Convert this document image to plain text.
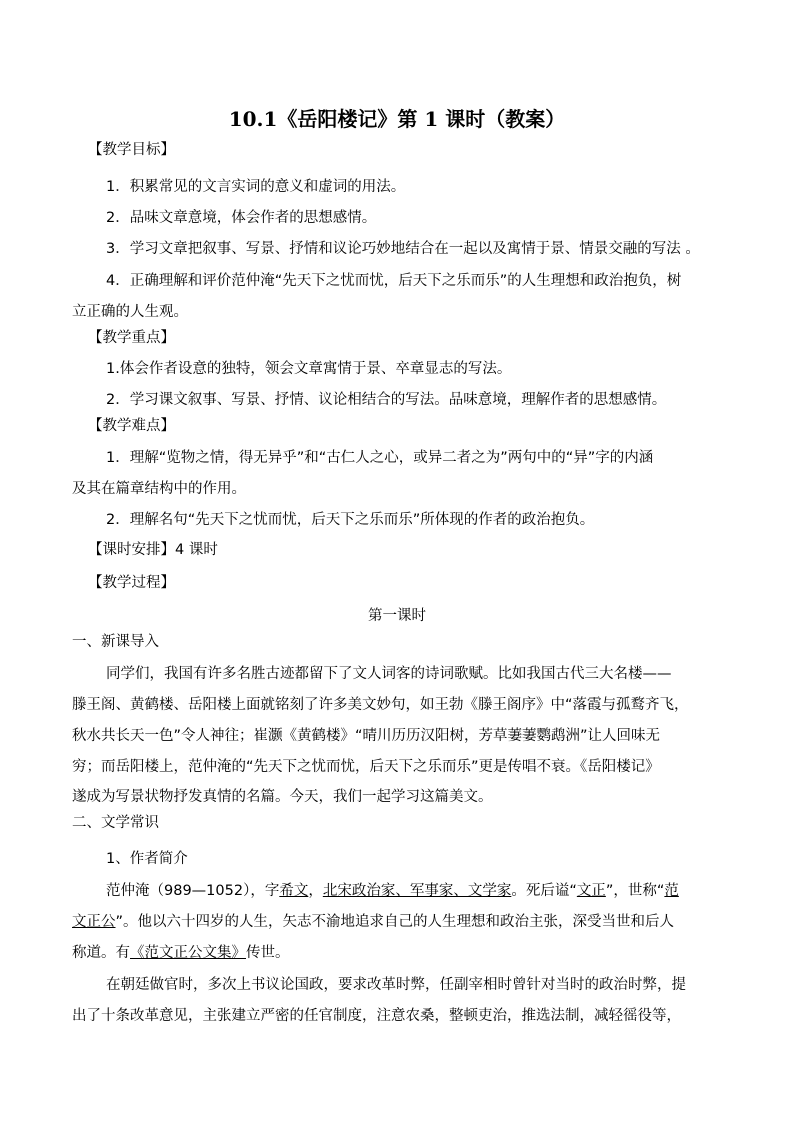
10.1《岳阳楼记》第 1 课时（教案）
【教学目标】
1．积累常见的文言实词的意义和虚词的用法。
2．品味文章意境，体会作者的思想感情。
3．学习文章把叙事、写景、抒情和议论巧妙地结合在一起以及寓情于景、情景交融的写法 。
4．正确理解和评价范仲淹“先天下之忧而忧，后天下之乐而乐”的人生理想和政治抱负，树
立正确的人生观。
【教学重点】
1.体会作者设意的独特，领会文章寓情于景、卒章显志的写法。
2．学习课文叙事、写景、抒情、议论相结合的写法。品味意境，理解作者的思想感情。
【教学难点】
1．理解“览物之情，得无异乎”和“古仁人之心，或异二者之为”两句中的“异”字的内涵
及其在篇章结构中的作用。
2．理解名句“先天下之忧而忧，后天下之乐而乐”所体现的作者的政治抱负。
【课时安排】4 课时
【教学过程】
第一课时
一、新课导入
同学们，我国有许多名胜古迹都留下了文人词客的诗词歌赋。比如我国古代三大名楼——
滕王阁、黄鹤楼、岳阳楼上面就铭刻了许多美文妙句，如王勃《滕王阁序》中“落霞与孤鹜齐飞，
秋水共长天一色”令人神往；崔灏《黄鹤楼》“晴川历历汉阳树，芳草萋萋鹦鹉洲”让人回味无
穷；而岳阳楼上，范仲淹的“先天下之忧而忧，后天下之乐而乐”更是传唱不衰。《岳阳楼记》
遂成为写景状物抒发真情的名篇。今天，我们一起学习这篇美文。
二、文学常识
1、作者简介
范仲淹（989—1052），字希文，北宋政治家、军事家、文学家。死后谥“文正”，世称“范
文正公”。他以六十四岁的人生，矢志不渝地追求自己的人生理想和政治主张，深受当世和后人
称道。有《范文正公文集》传世。
在朝廷做官时，多次上书议论国政，要求改革时弊，任副宰相时曾针对当时的政治时弊，提
出了十条改革意见，主张建立严密的任官制度，注意农桑，整顿吏治，推选法制，减轻徭役等，
